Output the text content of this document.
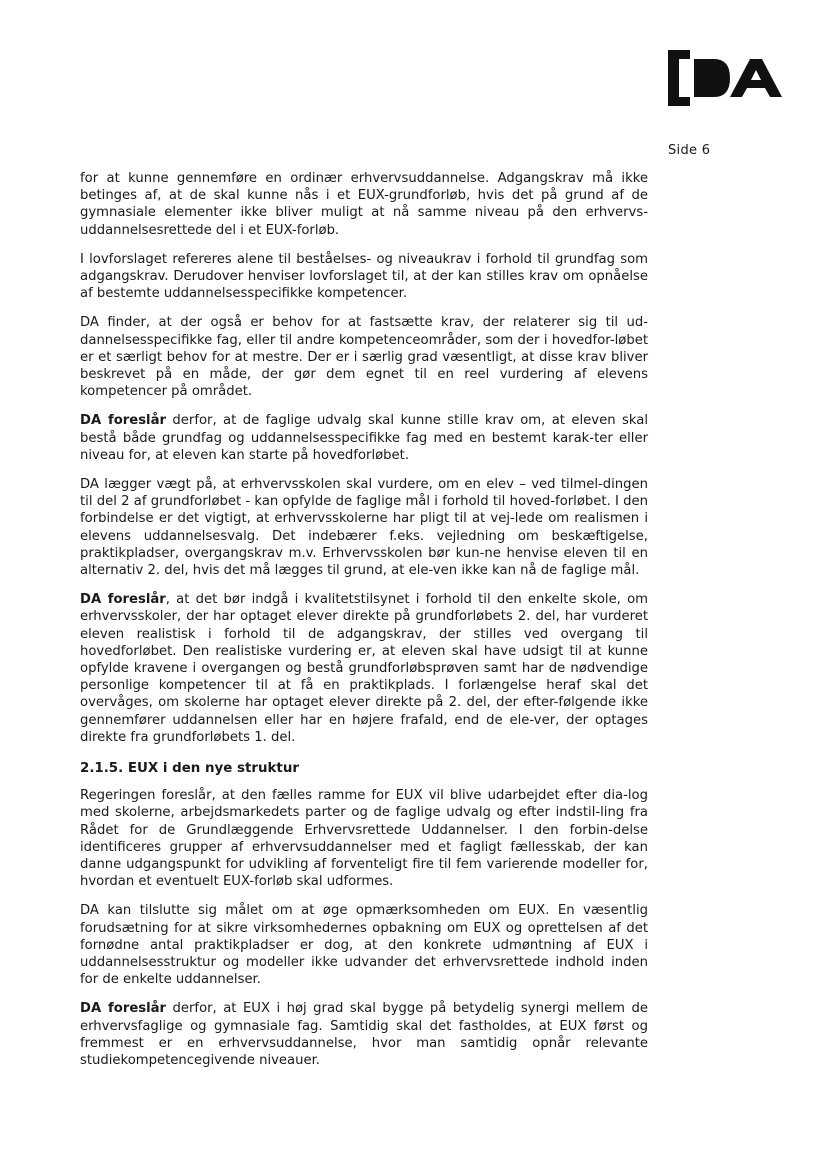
Side 6

for at kunne gennemføre en ordinær erhvervsuddannelse. Adgangskrav må ikke betinges af, at de skal kunne nås i et EUX-grundforløb, hvis det på grund af de gymnasiale elementer ikke bliver muligt at nå samme niveau på den erhvervs-uddannelsesrettede del i et EUX-forløb.

I lovforslaget refereres alene til beståelses- og niveaukrav i forhold til grundfag som adgangskrav. Derudover henviser lovforslaget til, at der kan stilles krav om opnåelse af bestemte uddannelsesspecifikke kompetencer.

DA finder, at der også er behov for at fastsætte krav, der relaterer sig til ud-dannelsesspecifikke fag, eller til andre kompetenceområder, som der i hovedfor-løbet er et særligt behov for at mestre. Der er i særlig grad væsentligt, at disse krav bliver beskrevet på en måde, der gør dem egnet til en reel vurdering af elevens kompetencer på området.

DA foreslår derfor, at de faglige udvalg skal kunne stille krav om, at eleven skal bestå både grundfag og uddannelsesspecifikke fag med en bestemt karak-ter eller niveau for, at eleven kan starte på hovedforløbet.

DA lægger vægt på, at erhvervsskolen skal vurdere, om en elev – ved tilmel-dingen til del 2 af grundforløbet - kan opfylde de faglige mål i forhold til hoved-forløbet. I den forbindelse er det vigtigt, at erhvervsskolerne har pligt til at vej-lede om realismen i elevens uddannelsesvalg. Det indebærer f.eks. vejledning om beskæftigelse, praktikpladser, overgangskrav m.v. Erhvervsskolen bør kun-ne henvise eleven til en alternativ 2. del, hvis det må lægges til grund, at ele-ven ikke kan nå de faglige mål.

DA foreslår, at det bør indgå i kvalitetstilsynet i forhold til den enkelte skole, om erhvervsskoler, der har optaget elever direkte på grundforløbets 2. del, har vurderet eleven realistisk i forhold til de adgangskrav, der stilles ved overgang til hovedforløbet. Den realistiske vurdering er, at eleven skal have udsigt til at kunne opfylde kravene i overgangen og bestå grundforløbsprøven samt har de nødvendige personlige kompetencer til at få en praktikplads. I forlængelse heraf skal det overvåges, om skolerne har optaget elever direkte på 2. del, der efter-følgende ikke gennemfører uddannelsen eller har en højere frafald, end de ele-ver, der optages direkte fra grundforløbets 1. del.

2.1.5. EUX i den nye struktur

Regeringen foreslår, at den fælles ramme for EUX vil blive udarbejdet efter dia-log med skolerne, arbejdsmarkedets parter og de faglige udvalg og efter indstil-ling fra Rådet for de Grundlæggende Erhvervsrettede Uddannelser. I den forbin-delse identificeres grupper af erhvervsuddannelser med et fagligt fællesskab, der kan danne udgangspunkt for udvikling af forventeligt fire til fem varierende modeller for, hvordan et eventuelt EUX-forløb skal udformes.

DA kan tilslutte sig målet om at øge opmærksomheden om EUX. En væsentlig forudsætning for at sikre virksomhedernes opbakning om EUX og oprettelsen af det fornødne antal praktikpladser er dog, at den konkrete udmøntning af EUX i uddannelsesstruktur og modeller ikke udvander det erhvervsrettede indhold inden for de enkelte uddannelser.

DA foreslår derfor, at EUX i høj grad skal bygge på betydelig synergi mellem de erhvervsfaglige og gymnasiale fag. Samtidig skal det fastholdes, at EUX først og fremmest er en erhvervsuddannelse, hvor man samtidig opnår relevante studiekompetencegivende niveauer.
